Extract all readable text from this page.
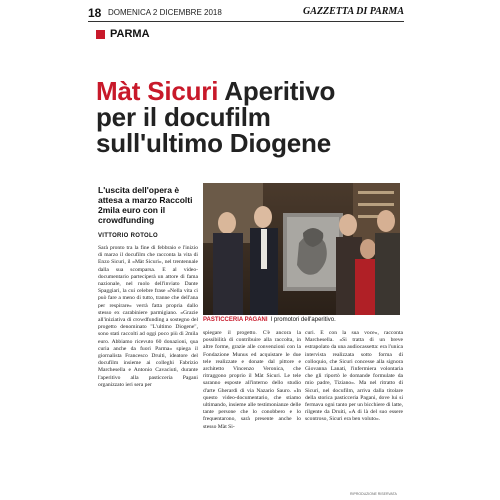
18 DOMENICA 2 DICEMBRE 2018	GAZZETTA DI PARMA
PARMA
Màt Sicuri Aperitivo
per il docufilm
sull'ultimo Diogene
L'uscita dell'opera è attesa a marzo Raccolti 2mila euro con il crowdfunding
VITTORIO ROTOLO
PASTICCERIA PAGANI I promotori dell'aperitivo.
Sarà pronto tra la fine di febbraio e l'inizio di marzo il docufilm che racconta la vita di Enzo Sicuri, il «Màt Sicuri», nel trentennale dalla sua scomparsa. E al video-documentario parteciperà un attore di fama nazionale, nel ruolo dell'inviato Dante Spaggiari, la cui celebre frase «Nella vita ci può fare a meno di tutto, tranne che dell'ana per respirare» verrà fatta propria dallo stesso ex carabiniere parmigiano. «Grazie all'iniziativa di crowdfunding a sostegno del progetto denominato "L'ultimo Diogene", sono stati raccolti ad oggi poco più di 2mila euro. Abbiamo ricevuto 60 donazioni, qua curia anche da fuori Parma» spiega il giornalista Francesco Druiti, ideatore del docufilm insieme ai colleghi Fabrizio Marchesella e Antonio Cavaciuti, durante l'aperitivo alla pasticceria Pagani organizzato ieri sera per
spiegare il progetto. C'è ancora la possibilità di contribuire alla raccolta, in altre forme, grazie alle convenzioni con la Fondazione Munus ed acquistare le due tele realizzate e donate dal pittore e architetto Vincenzo Veronica, che ritraggono proprio il Màt Sicuri. Le tele saranno esposte all'interno dello studio d'arte Gherardi di via Nazario Sauro. «In questo video-documentario, che stiamo ultimando, insieme alle testimonianze delle tante persone che lo conobbero e lo frequentarono, sarà presente anche lo stesso Màt Si-
curi. E con la sua voce», racconta Marchesella. «Si tratta di un breve estrapolato da una audiocassetta: era l'unica intervista realizzata sotto forma di colloquio, che Sicuri concesse alla signora Giovanna Lanati, l'infermiera volontaria che gli riportò le domande formulate da mio padre, Tiziano». Ma nel ritratto di Sicuri, nel docufilm, arriva dalla titolare della storica pasticceria Pagani, dove lui si fermava ogni tanto per un bicchiere di latte, rilgente da Druiti, «A di là del suo essere scontroso, Sicuri era ben voluto».
RIPRODUZIONE RISERVATA
